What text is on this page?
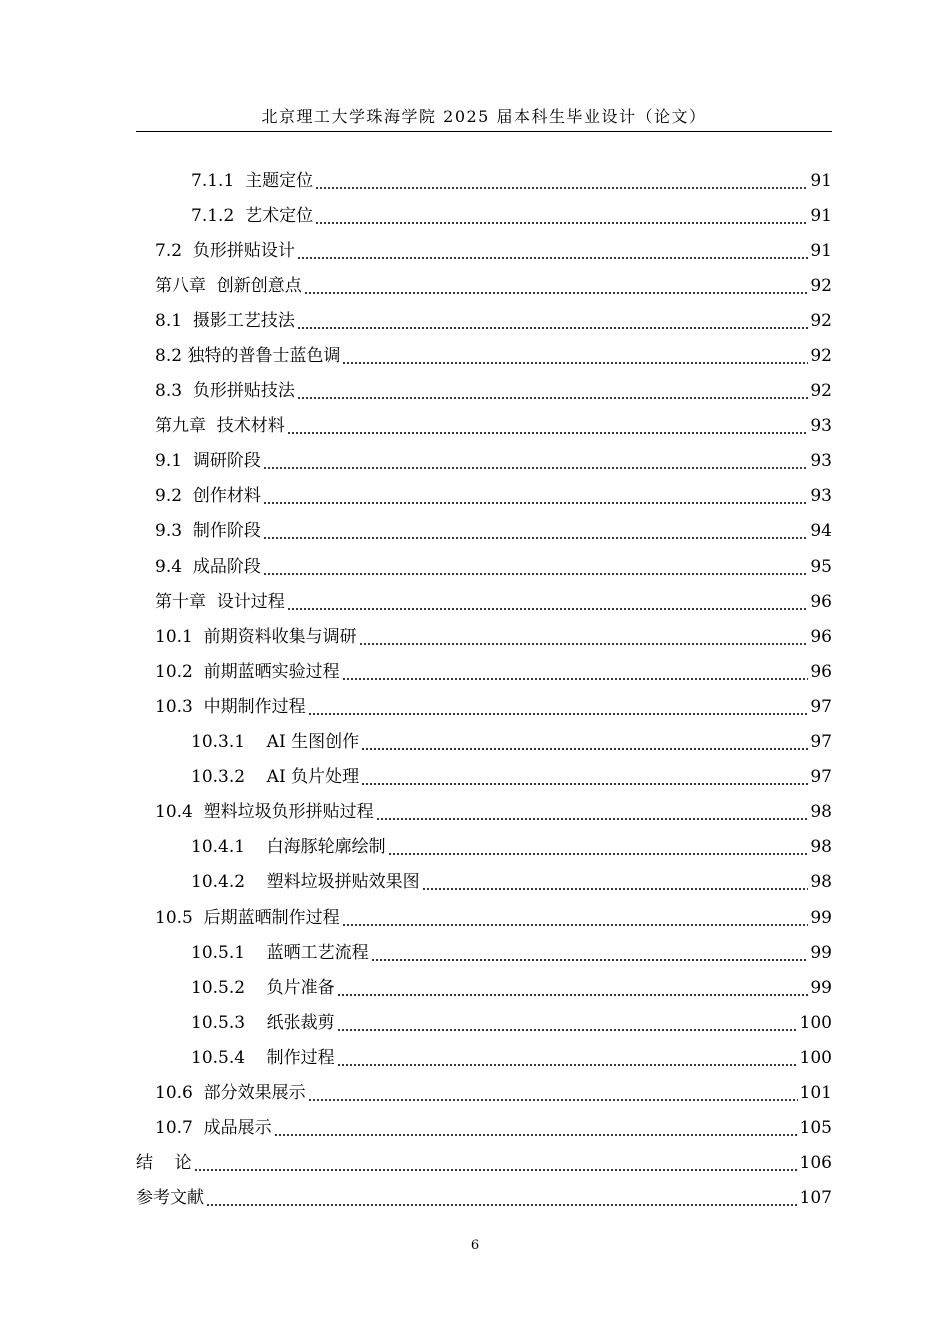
北京理工大学珠海学院 2025 届本科生毕业设计（论文）
7.1.1  主题定位	91
7.1.2  艺术定位	91
7.2  负形拼贴设计	91
第八章  创新创意点	92
8.1  摄影工艺技法	92
8.2 独特的普鲁士蓝色调	92
8.3  负形拼贴技法	92
第九章  技术材料	93
9.1  调研阶段	93
9.2  创作材料	93
9.3  制作阶段	94
9.4  成品阶段	95
第十章  设计过程	96
10.1  前期资料收集与调研	96
10.2  前期蓝晒实验过程	96
10.3  中期制作过程	97
10.3.1    AI 生图创作	97
10.3.2    AI 负片处理	97
10.4  塑料垃圾负形拼贴过程	98
10.4.1    白海豚轮廓绘制	98
10.4.2    塑料垃圾拼贴效果图	98
10.5  后期蓝晒制作过程	99
10.5.1    蓝晒工艺流程	99
10.5.2    负片准备	99
10.5.3    纸张裁剪	100
10.5.4    制作过程	100
10.6  部分效果展示	101
10.7  成品展示	105
结    论	106
参考文献	107
6
